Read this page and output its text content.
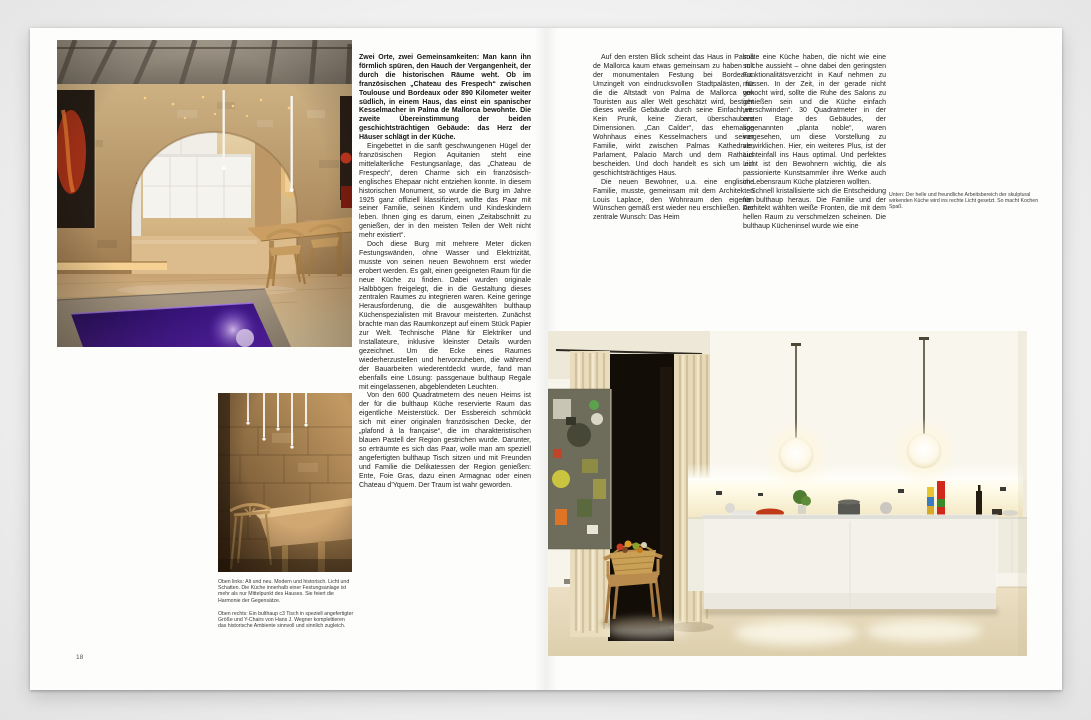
Zwei Orte, zwei Gemeinsamkeiten: Man kann ihn förmlich spüren, den Hauch der Vergangenheit, der durch die historischen Räume weht. Ob im französischen „Chateau des Frespech“ zwischen Toulouse und Bordeaux oder 890 Kilometer weiter südlich, in einem Haus, das einst ein spanischer Kesselmacher in Palma de Mallorca bewohnte. Die zweite Übereinstimmung der beiden geschichtsträchtigen Gebäude: das Herz der Häuser schlägt in der Küche.

Eingebettet in die sanft geschwungenen Hügel der französischen Region Aquitanien steht eine mittelalterliche Festungsanlage, das „Chateau de Frespech“, deren Charme sich ein französisch-englisches Ehepaar nicht entziehen konnte. In diesem historischen Monument, so wurde die Burg im Jahre 1925 ganz offiziell klassifiziert, wollte das Paar mit seiner Familie, seinen Kindern und Kindeskindern leben. Ihnen ging es darum, einen „Zeitabschnitt zu genießen, der in den meisten Teilen der Welt nicht mehr existiert“.

Doch diese Burg mit mehrere Meter dicken Festungswänden, ohne Wasser und Elektrizität, musste von seinen neuen Bewohnern erst wieder erobert werden. Es galt, einen geeigneten Raum für die neue Küche zu finden. Dabei wurden originale Halbbögen freigelegt, die in die Gestaltung dieses zentralen Raumes zu integrieren waren. Keine geringe Herausforderung, die die ausgewählten bulthaup Küchenspezialisten mit Bravour meisterten. Zunächst brachte man das Raumkonzept auf einem Stück Papier zur Welt. Technische Pläne für Elektriker und Installateure, inklusive kleinster Details wurden gezeichnet. Um die Ecke eines Raumes wiederherzustellen und hervorzuheben, die während der Bauarbeiten wiederentdeckt wurde, fand man ebenfalls eine Lösung: passgenaue bulthaup Regale mit eingelassenen, abgeblendeten Leuchten.

Von den 600 Quadratmetern des neuen Heims ist der für die bulthaup Küche reservierte Raum das eigentliche Meisterstück. Der Essbereich schmückt sich mit einer originalen französischen Decke, der „plafond à la française“, die im charakteristischen blauen Pastell der Region gestrichen wurde. Darunter, so erträumte es sich das Paar, wolle man am speziell angefertigten bulthaup Tisch sitzen und mit Freunden und Familie die Delikatessen der Region genießen: Ente, Foie Gras, dazu einen Armagnac oder einen Chateau d’Yquem. Der Traum ist wahr geworden.

Auf den ersten Blick scheint das Haus in Palma de Mallorca kaum etwas gemeinsam zu haben mit der monumentalen Festung bei Bordeaux. Umzingelt von eindrucksvollen Stadtpalästen, für die die Altstadt von Palma de Mallorca von Touristen aus aller Welt geschätzt wird, besticht dieses weiße Gebäude durch seine Einfachheit. Kein Prunk, keine Zierart, überschaubare Dimensionen. „Can Calder“, das ehemalige Wohnhaus eines Kesselmachers und seiner Familie, wirkt zwischen Palmas Kathedrale, Parlament, Palacio March und dem Rathaus bescheiden. Und doch handelt es sich um ein geschichtsträchtiges Haus.

Die neuen Bewohner, u.a. eine englische Familie, musste, gemeinsam mit dem Architekten Louis Laplace, den Wohnraum den eigenen Wünschen gemäß erst wieder neu erschließen. Der zentrale Wunsch: Das Heim

sollte eine Küche haben, die nicht wie eine solche aussieht – ohne dabei den geringsten Funktionalitätsverzicht in Kauf nehmen zu müssen. In der Zeit, in der gerade nicht gekocht wird, sollte die Ruhe des Salons zu genießen sein und die Küche einfach „verschwinden“. 30 Quadratmeter in der ersten Etage des Gebäudes, der sogenannten „planta noble“, waren vorgesehen, um diese Vorstellung zu verwirklichen. Hier, ein weiteres Plus, ist der Lichteinfall ins Haus optimal. Und perfektes Licht ist den Bewohnern wichtig, die als passionierte Kunstsammler ihre Werke auch im Lebensraum Küche platzieren wollten.

Schnell kristallisierte sich die Entscheidung für bulthaup heraus. Die Familie und der Architekt wählten weiße Fronten, die mit dem hellen Raum zu verschmelzen scheinen. Die bulthaup Kücheninsel wurde wie eine

Oben links: Alt und neu. Modern und historisch. Licht und Schatten. Die Küche innerhalb einer Festungsanlage ist mehr als nur Mittelpunkt des Hauses. Sie feiert die Harmonie der Gegensätze.

Oben rechts: Ein bulthaup c3 Tisch in speziell angefertigter Größe und Y-Chairs von Hans J. Wegner komplettieren das historische Ambiente sinnvoll und sinnlich zugleich.

Unten: Der helle und freundliche Arbeitsbereich der skulptural wirkenden Küche wird ins rechte Licht gesetzt. So macht Kochen Spaß.

18
